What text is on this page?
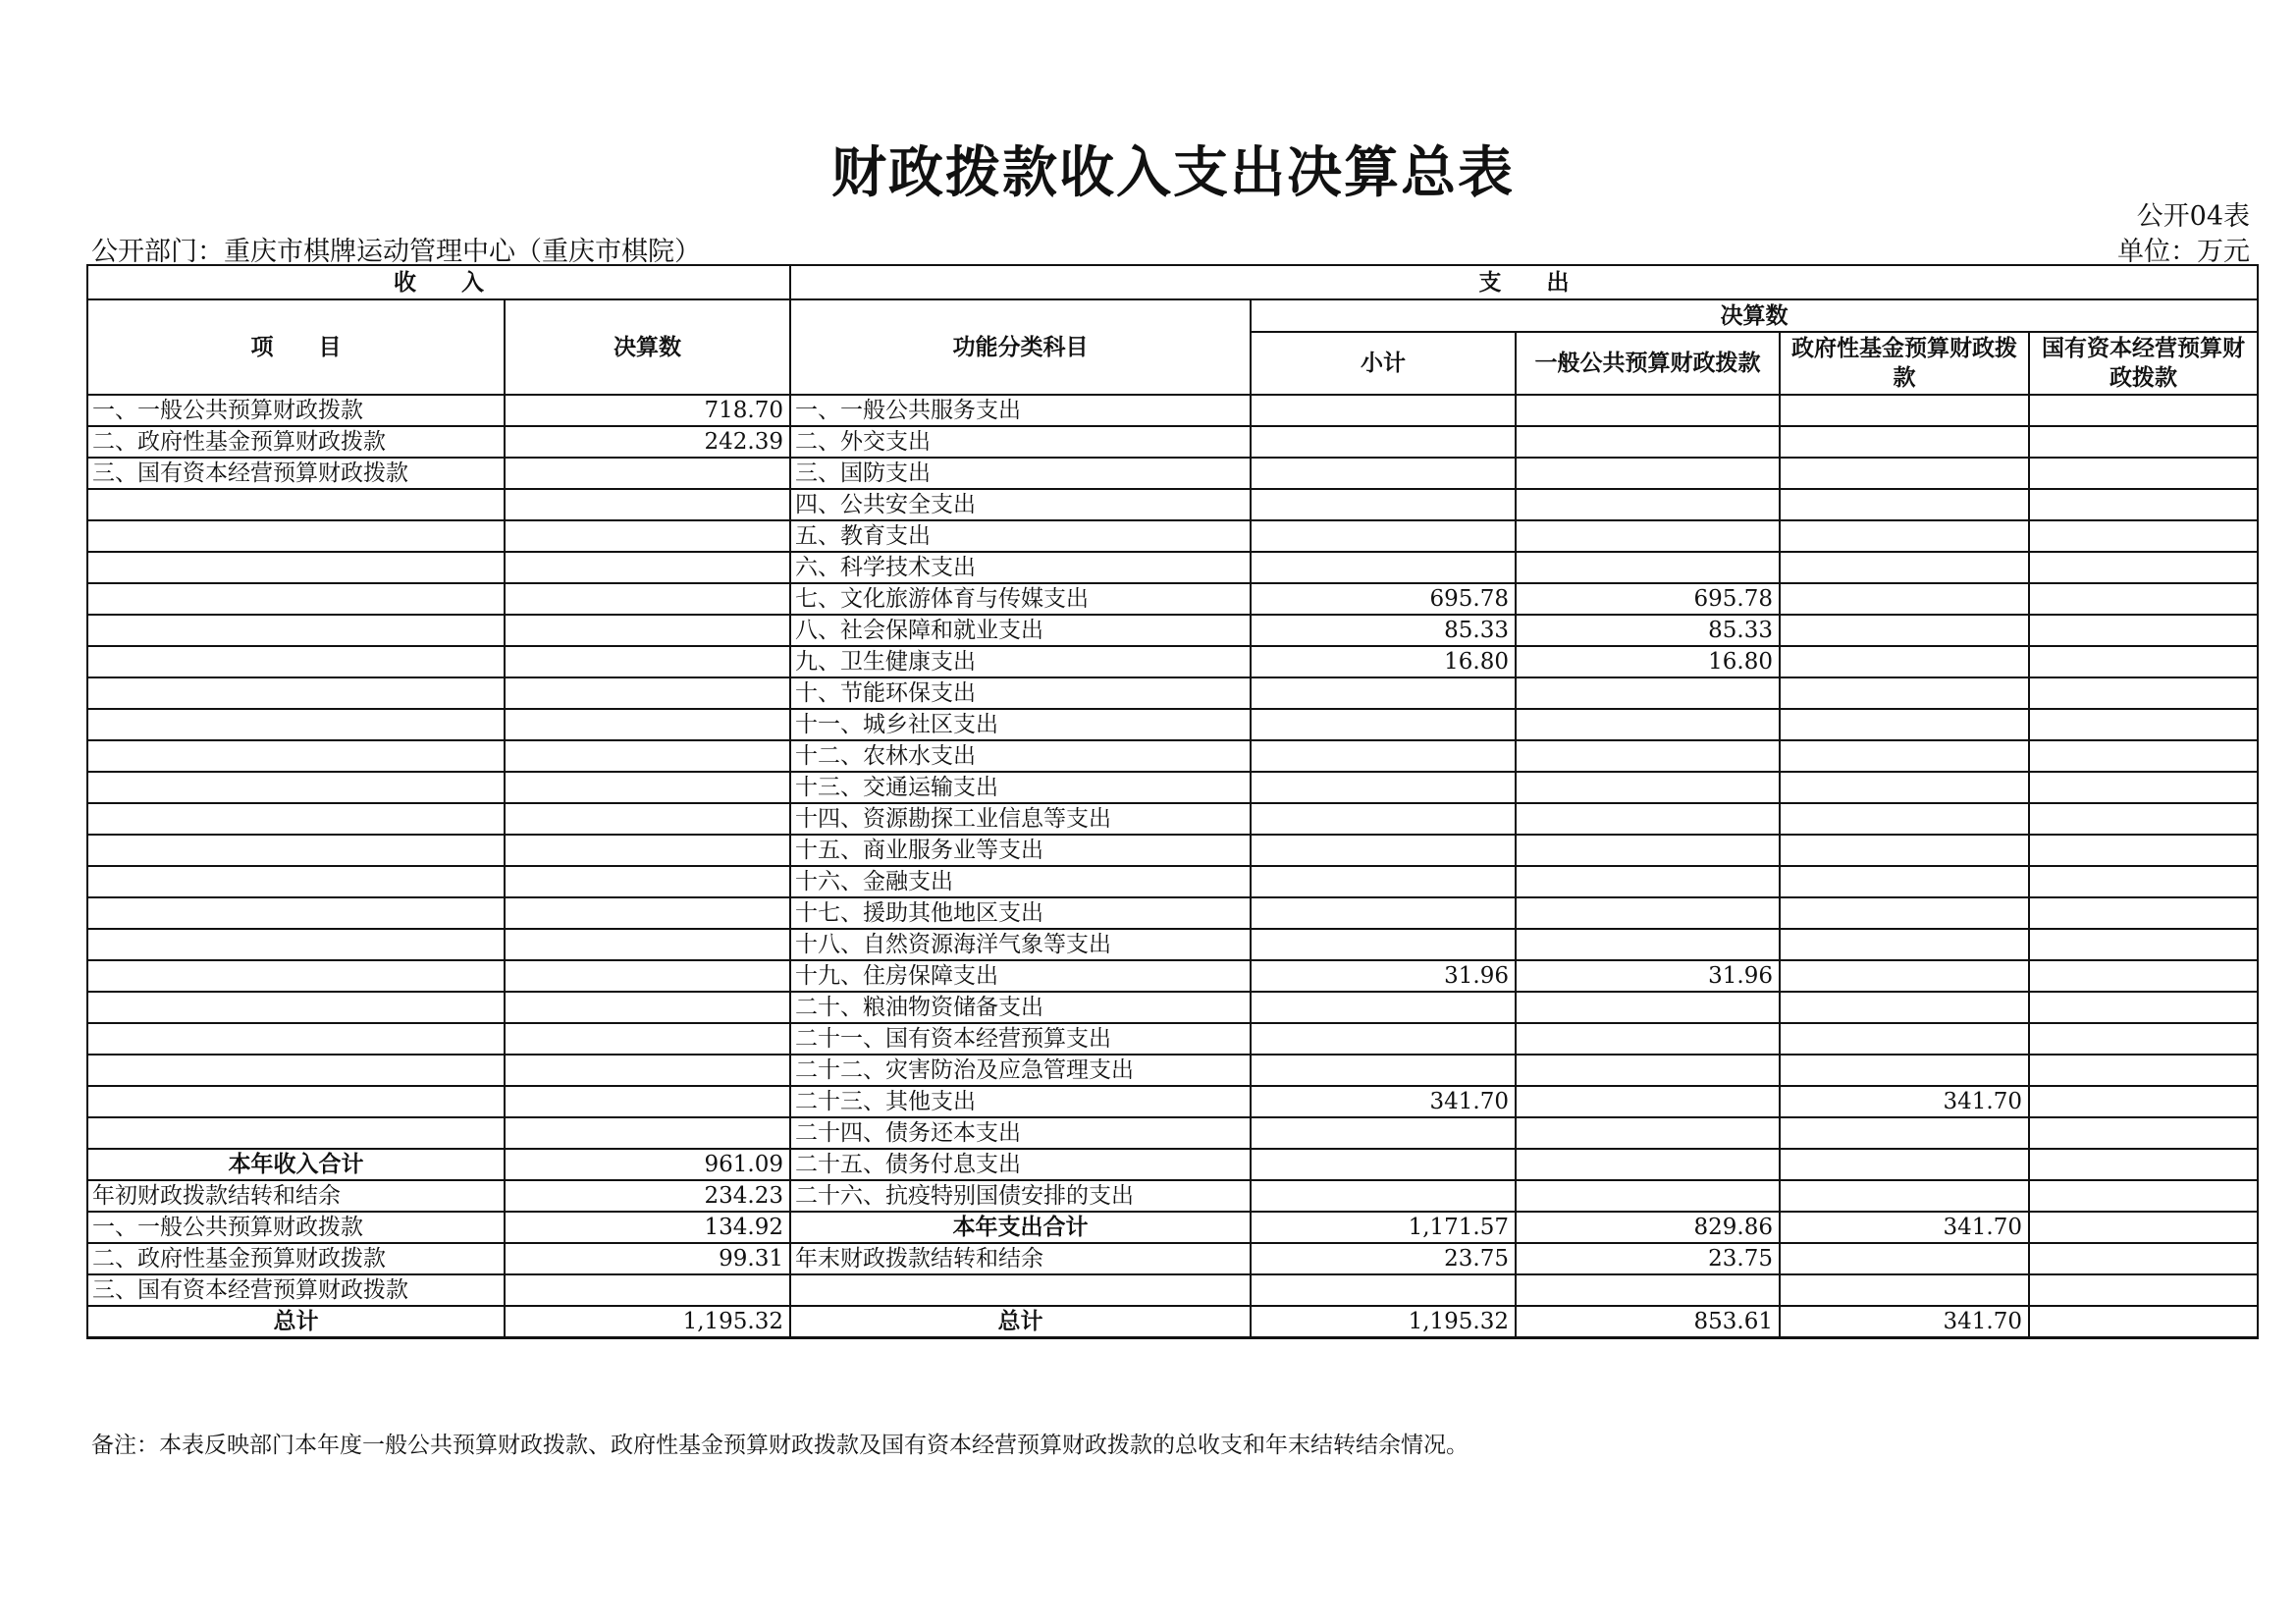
财政拨款收入支出决算总表
公开04表
公开部门：重庆市棋牌运动管理中心（重庆市棋院）	单位：万元
收　　入		支　　出				
项　　目	决算数	功能分类科目	决算数			
			小计	一般公共预算财政拨款	政府性基金预算财政拨款	国有资本经营预算财政拨款
一、一般公共预算财政拨款	718.70	一、一般公共服务支出				
二、政府性基金预算财政拨款	242.39	二、外交支出				
三、国有资本经营预算财政拨款		三、国防支出				
		四、公共安全支出				
		五、教育支出				
		六、科学技术支出				
		七、文化旅游体育与传媒支出	695.78	695.78		
		八、社会保障和就业支出	85.33	85.33		
		九、卫生健康支出	16.80	16.80		
		十、节能环保支出				
		十一、城乡社区支出				
		十二、农林水支出				
		十三、交通运输支出				
		十四、资源勘探工业信息等支出				
		十五、商业服务业等支出				
		十六、金融支出				
		十七、援助其他地区支出				
		十八、自然资源海洋气象等支出				
		十九、住房保障支出	31.96	31.96		
		二十、粮油物资储备支出				
		二十一、国有资本经营预算支出				
		二十二、灾害防治及应急管理支出				
		二十三、其他支出	341.70		341.70	
		二十四、债务还本支出				
本年收入合计	961.09	二十五、债务付息支出				
年初财政拨款结转和结余	234.23	二十六、抗疫特别国债安排的支出				
一、一般公共预算财政拨款	134.92	本年支出合计	1,171.57	829.86	341.70	
二、政府性基金预算财政拨款	99.31	年末财政拨款结转和结余	23.75	23.75		
三、国有资本经营预算财政拨款						
总计	1,195.32	总计	1,195.32	853.61	341.70	
备注：本表反映部门本年度一般公共预算财政拨款、政府性基金预算财政拨款及国有资本经营预算财政拨款的总收支和年末结转结余情况。
